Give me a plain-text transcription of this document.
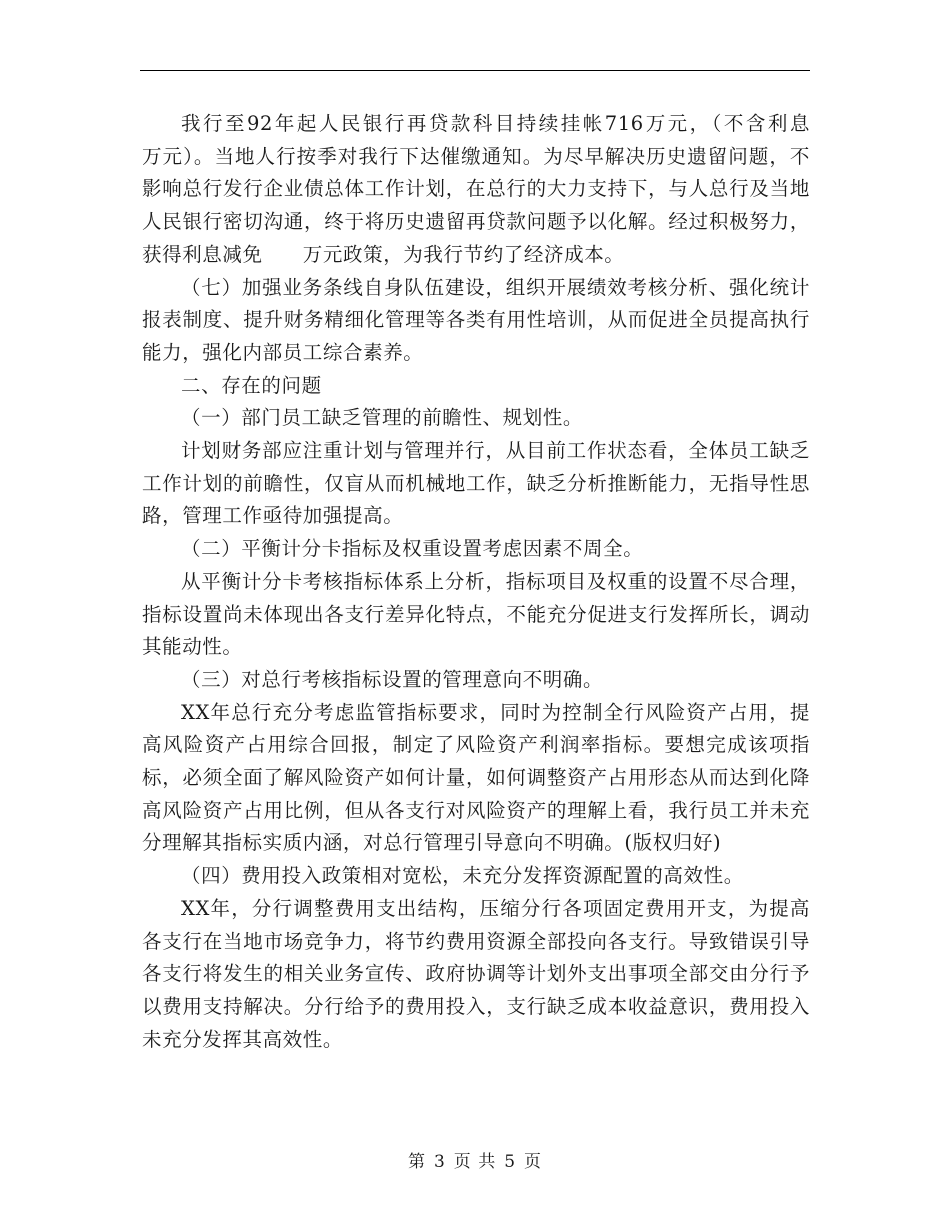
我行至92年起人民银行再贷款科目持续挂帐716万元，（不含利息　　万元）。当地人行按季对我行下达催缴通知。为尽早解决历史遗留问题，不影响总行发行企业债总体工作计划，在总行的大力支持下，与人总行及当地人民银行密切沟通，终于将历史遗留再贷款问题予以化解。经过积极努力，获得利息减免　　万元政策，为我行节约了经济成本。

（七）加强业务条线自身队伍建设，组织开展绩效考核分析、强化统计报表制度、提升财务精细化管理等各类有用性培训，从而促进全员提高执行能力，强化内部员工综合素养。

二、存在的问题

（一）部门员工缺乏管理的前瞻性、规划性。

计划财务部应注重计划与管理并行，从目前工作状态看，全体员工缺乏工作计划的前瞻性，仅盲从而机械地工作，缺乏分析推断能力，无指导性思路，管理工作亟待加强提高。

（二）平衡计分卡指标及权重设置考虑因素不周全。

从平衡计分卡考核指标体系上分析，指标项目及权重的设置不尽合理，指标设置尚未体现出各支行差异化特点，不能充分促进支行发挥所长，调动其能动性。

（三）对总行考核指标设置的管理意向不明确。

XX年总行充分考虑监管指标要求，同时为控制全行风险资产占用，提高风险资产占用综合回报，制定了风险资产利润率指标。要想完成该项指标，必须全面了解风险资产如何计量，如何调整资产占用形态从而达到化降高风险资产占用比例，但从各支行对风险资产的理解上看，我行员工并未充分理解其指标实质内涵，对总行管理引导意向不明确。(版权归好)

（四）费用投入政策相对宽松，未充分发挥资源配置的高效性。

XX年，分行调整费用支出结构，压缩分行各项固定费用开支，为提高各支行在当地市场竞争力，将节约费用资源全部投向各支行。导致错误引导各支行将发生的相关业务宣传、政府协调等计划外支出事项全部交由分行予以费用支持解决。分行给予的费用投入，支行缺乏成本收益意识，费用投入未充分发挥其高效性。

第 3 页 共 5 页
